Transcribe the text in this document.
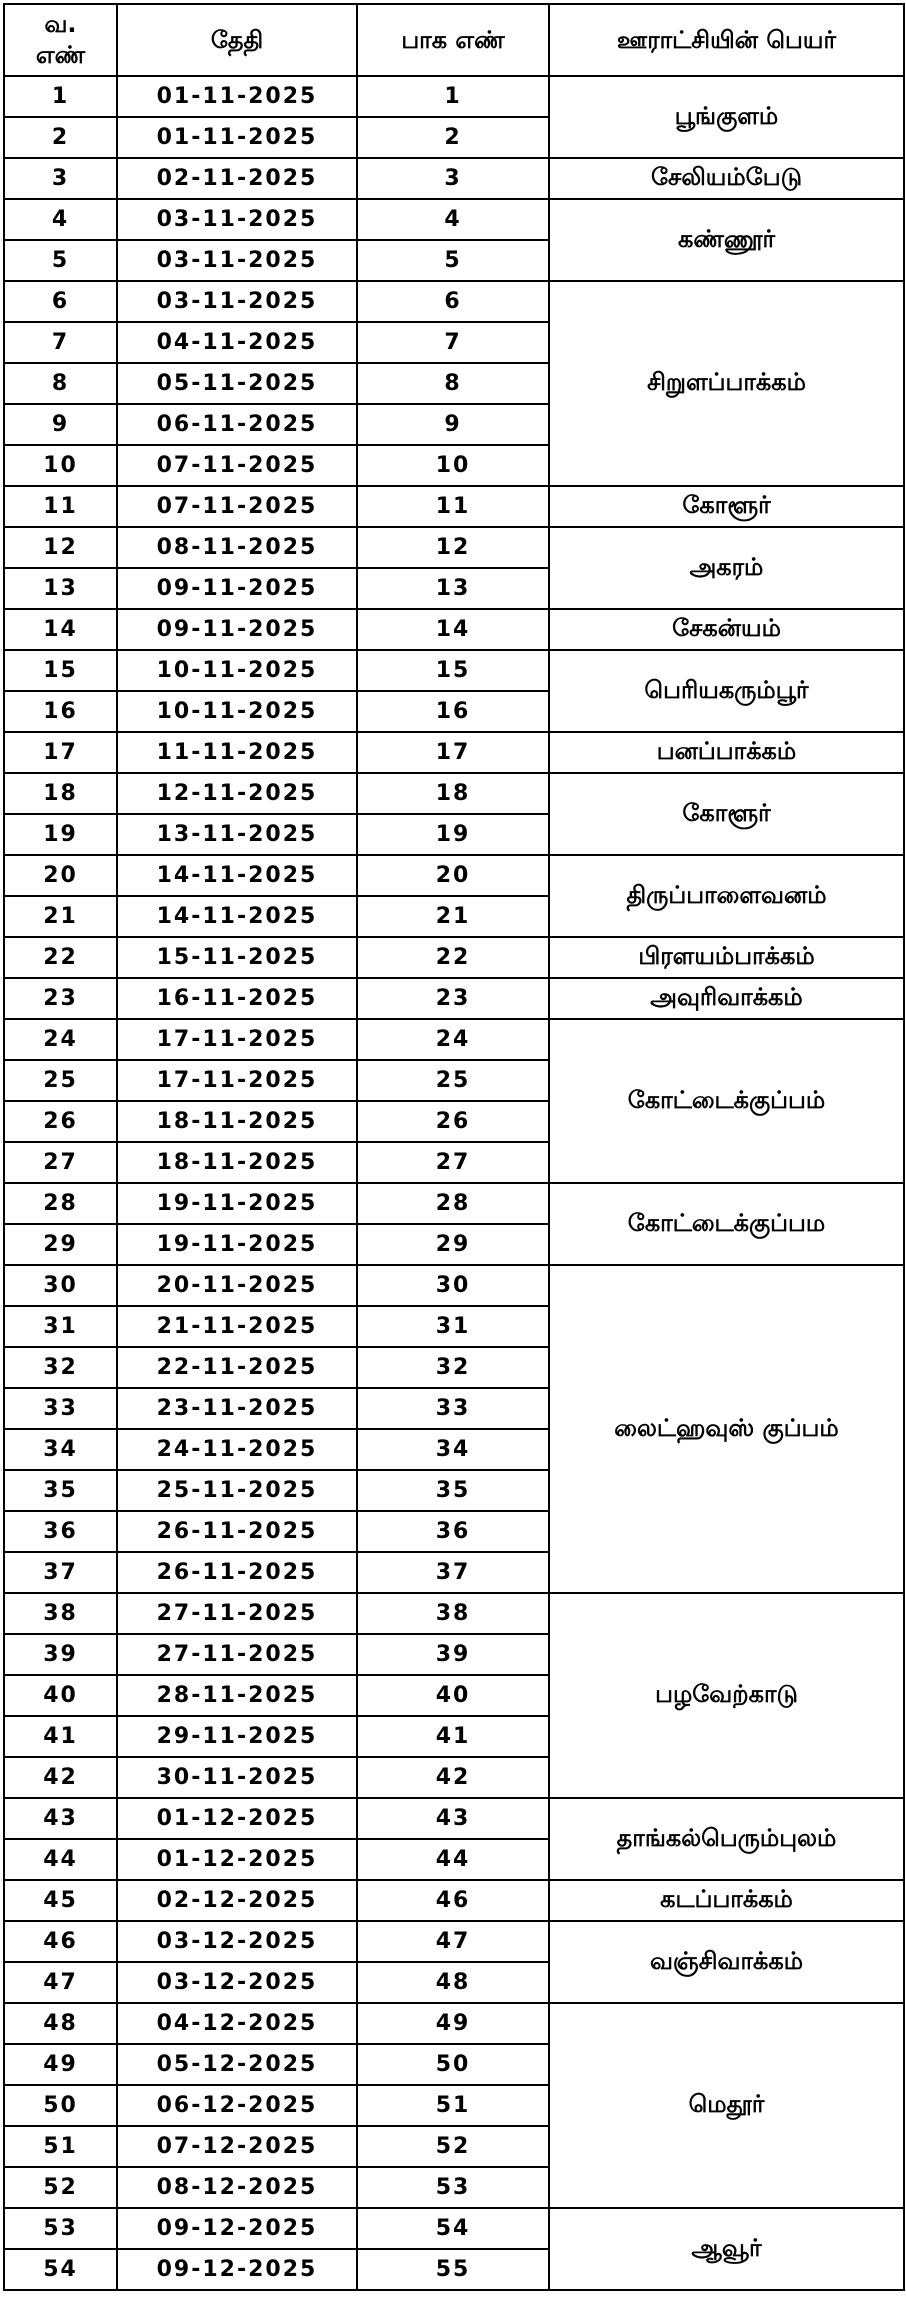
வ.
எண்	தேதி	பாக எண்	ஊராட்சியின் பெயர்
1	01-11-2025	1	பூங்குளம்
2	01-11-2025	2	
3	02-11-2025	3	சேலியம்பேடு
4	03-11-2025	4	கண்ணூர்
5	03-11-2025	5	
6	03-11-2025	6	சிறுளப்பாக்கம்
7	04-11-2025	7	
8	05-11-2025	8	
9	06-11-2025	9	
10	07-11-2025	10	
11	07-11-2025	11	கோளூர்
12	08-11-2025	12	அகரம்
13	09-11-2025	13	
14	09-11-2025	14	சேகன்யம்
15	10-11-2025	15	பெரியகரும்பூர்
16	10-11-2025	16	
17	11-11-2025	17	பனப்பாக்கம்
18	12-11-2025	18	கோளூர்
19	13-11-2025	19	
20	14-11-2025	20	திருப்பாளைவனம்
21	14-11-2025	21	
22	15-11-2025	22	பிரளயம்பாக்கம்
23	16-11-2025	23	அவுரிவாக்கம்
24	17-11-2025	24	கோட்டைக்குப்பம்
25	17-11-2025	25	
26	18-11-2025	26	
27	18-11-2025	27	
28	19-11-2025	28	கோட்டைக்குப்பம
29	19-11-2025	29	
30	20-11-2025	30	லைட்ஹவுஸ் குப்பம்
31	21-11-2025	31	
32	22-11-2025	32	
33	23-11-2025	33	
34	24-11-2025	34	
35	25-11-2025	35	
36	26-11-2025	36	
37	26-11-2025	37	
38	27-11-2025	38	பழவேற்காடு
39	27-11-2025	39	
40	28-11-2025	40	
41	29-11-2025	41	
42	30-11-2025	42	
43	01-12-2025	43	தாங்கல்பெரும்புலம்
44	01-12-2025	44	
45	02-12-2025	46	கடப்பாக்கம்
46	03-12-2025	47	வஞ்சிவாக்கம்
47	03-12-2025	48	
48	04-12-2025	49	மெதூர்
49	05-12-2025	50	
50	06-12-2025	51	
51	07-12-2025	52	
52	08-12-2025	53	
53	09-12-2025	54	ஆவூர்
54	09-12-2025	55	
